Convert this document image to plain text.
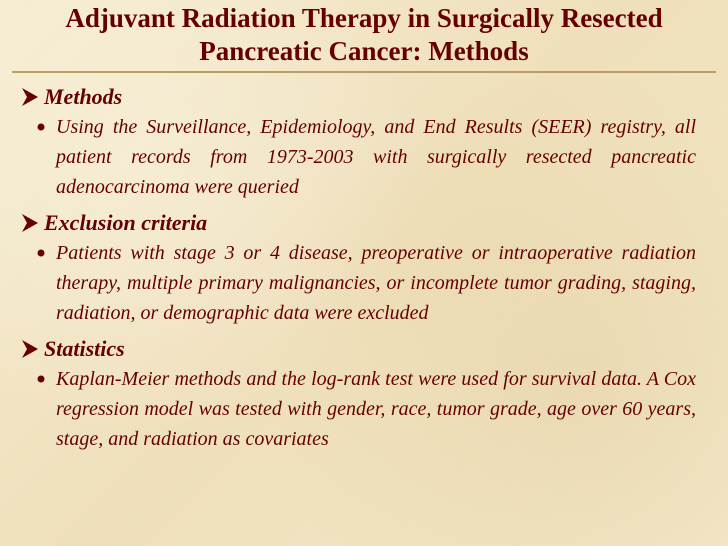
Adjuvant Radiation Therapy in Surgically Resected
Pancreatic Cancer: Methods
Methods
Using the Surveillance, Epidemiology, and End Results (SEER) registry, all patient records from 1973-2003 with surgically resected pancreatic adenocarcinoma were queried
Exclusion criteria
Patients with stage 3 or 4 disease, preoperative or intraoperative radiation therapy, multiple primary malignancies, or incomplete tumor grading, staging, radiation, or demographic data were excluded
Statistics
Kaplan-Meier methods and the log-rank test were used for survival data. A Cox regression model was tested with gender, race, tumor grade, age over 60 years, stage, and radiation as covariates
